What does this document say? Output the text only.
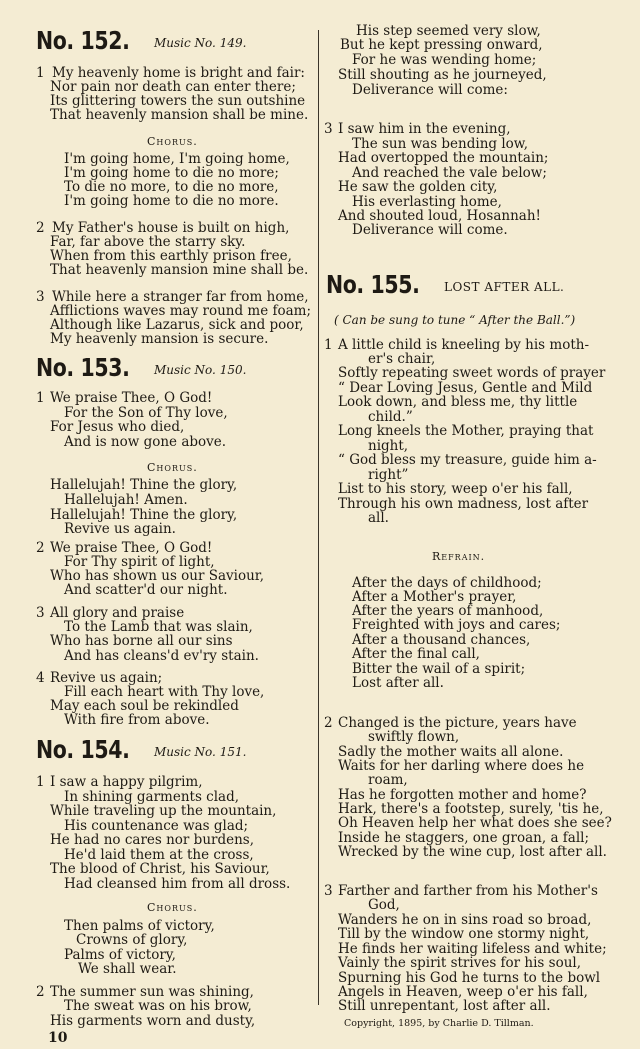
No. 152. Music No. 149.
1 My heavenly home is bright and fair:
Nor pain nor death can enter there;
Its glittering towers the sun outshine
That heavenly mansion shall be mine.
Chorus.
I'm going home, I'm going home,
I'm going home to die no more;
To die no more, to die no more,
I'm going home to die no more.
2 My Father's house is built on high,
Far, far above the starry sky.
When from this earthly prison free,
That heavenly mansion mine shall be.
3 While here a stranger far from home,
Afflictions waves may round me foam;
Although like Lazarus, sick and poor,
My heavenly mansion is secure.
No. 153. Music No. 150.
1 We praise Thee, O God!
For the Son of Thy love,
For Jesus who died,
And is now gone above.
Chorus.
Hallelujah! Thine the glory,
Hallelujah! Amen.
Hallelujah! Thine the glory,
Revive us again.
2 We praise Thee, O God!
For Thy spirit of light,
Who has shown us our Saviour,
And scatter'd our night.
3 All glory and praise
To the Lamb that was slain,
Who has borne all our sins
And has cleans'd ev'ry stain.
4 Revive us again;
Fill each heart with Thy love,
May each soul be rekindled
With fire from above.
No. 154. Music No. 151.
1 I saw a happy pilgrim,
In shining garments clad,
While traveling up the mountain,
His countenance was glad;
He had no cares nor burdens,
He'd laid them at the cross,
The blood of Christ, his Saviour,
Had cleansed him from all dross.
Chorus.
Then palms of victory,
Crowns of glory,
Palms of victory,
We shall wear.
2 The summer sun was shining,
The sweat was on his brow,
His garments worn and dusty,
10
His step seemed very slow,
But he kept pressing onward,
For he was wending home;
Still shouting as he journeyed,
Deliverance will come:
3 I saw him in the evening,
The sun was bending low,
Had overtopped the mountain;
And reached the vale below;
He saw the golden city,
His everlasting home,
And shouted loud, Hosannah!
Deliverance will come.
No. 155. LOST AFTER ALL.
( Can be sung to tune “ After the Ball.”)
1 A little child is kneeling by his moth-
er's chair,
Softly repeating sweet words of prayer
“ Dear Loving Jesus, Gentle and Mild
Look down, and bless me, thy little
child.”
Long kneels the Mother, praying that
night,
“ God bless my treasure, guide him a-
right”
List to his story, weep o'er his fall,
Through his own madness, lost after
all.
Refrain.
After the days of childhood;
After a Mother's prayer,
After the years of manhood,
Freighted with joys and cares;
After a thousand chances,
After the final call,
Bitter the wail of a spirit;
Lost after all.
2 Changed is the picture, years have
swiftly flown,
Sadly the mother waits all alone.
Waits for her darling where does he
roam,
Has he forgotten mother and home?
Hark, there's a footstep, surely, 'tis he,
Oh Heaven help her what does she see?
Inside he staggers, one groan, a fall;
Wrecked by the wine cup, lost after all.
3 Farther and farther from his Mother's
God,
Wanders he on in sins road so broad,
Till by the window one stormy night,
He finds her waiting lifeless and white;
Vainly the spirit strives for his soul,
Spurning his God he turns to the bowl
Angels in Heaven, weep o'er his fall,
Still unrepentant, lost after all.
Copyright, 1895, by Charlie D. Tillman.
